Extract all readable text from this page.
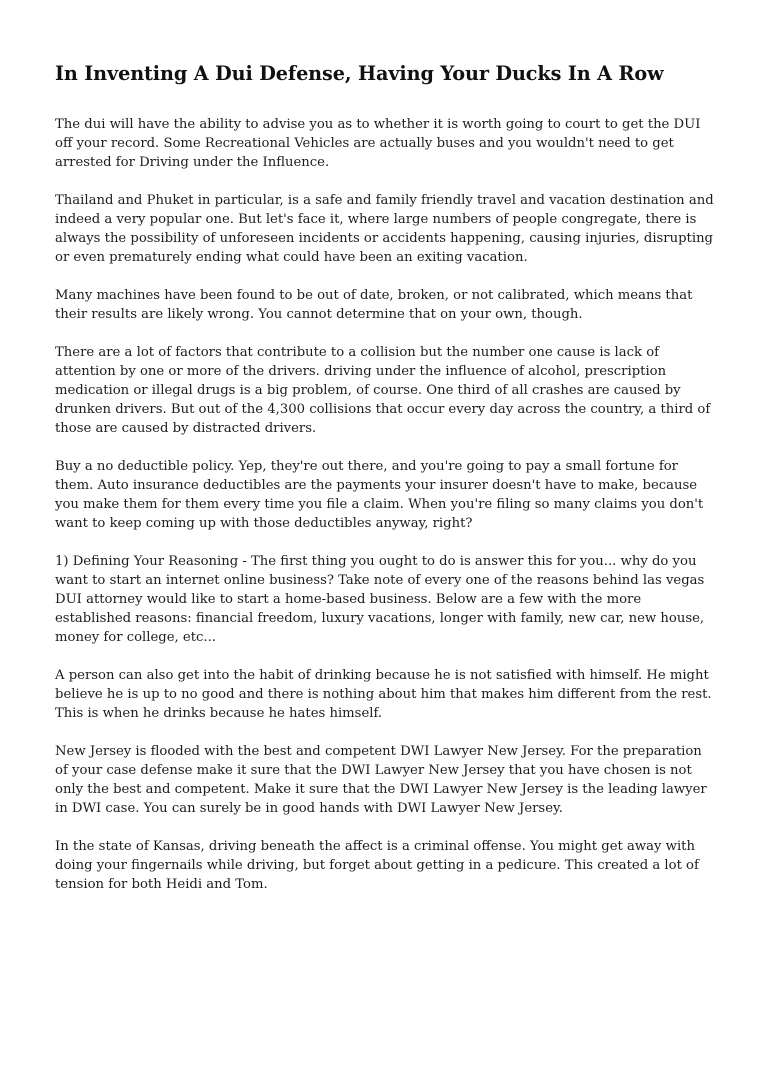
In Inventing A Dui Defense, Having Your Ducks In A Row

The dui will have the ability to advise you as to whether it is worth going to court to get the DUI off your record. Some Recreational Vehicles are actually buses and you wouldn't need to get arrested for Driving under the Influence.

Thailand and Phuket in particular, is a safe and family friendly travel and vacation destination and indeed a very popular one. But let's face it, where large numbers of people congregate, there is always the possibility of unforeseen incidents or accidents happening, causing injuries, disrupting or even prematurely ending what could have been an exiting vacation.

Many machines have been found to be out of date, broken, or not calibrated, which means that their results are likely wrong. You cannot determine that on your own, though.

There are a lot of factors that contribute to a collision but the number one cause is lack of attention by one or more of the drivers. driving under the influence of alcohol, prescription medication or illegal drugs is a big problem, of course. One third of all crashes are caused by drunken drivers. But out of the 4,300 collisions that occur every day across the country, a third of those are caused by distracted drivers.

Buy a no deductible policy. Yep, they're out there, and you're going to pay a small fortune for them. Auto insurance deductibles are the payments your insurer doesn't have to make, because you make them for them every time you file a claim. When you're filing so many claims you don't want to keep coming up with those deductibles anyway, right?

1) Defining Your Reasoning - The first thing you ought to do is answer this for you... why do you want to start an internet online business? Take note of every one of the reasons behind las vegas DUI attorney would like to start a home-based business. Below are a few with the more established reasons: financial freedom, luxury vacations, longer with family, new car, new house, money for college, etc...

A person can also get into the habit of drinking because he is not satisfied with himself. He might believe he is up to no good and there is nothing about him that makes him different from the rest. This is when he drinks because he hates himself.

New Jersey is flooded with the best and competent DWI Lawyer New Jersey. For the preparation of your case defense make it sure that the DWI Lawyer New Jersey that you have chosen is not only the best and competent. Make it sure that the DWI Lawyer New Jersey is the leading lawyer in DWI case. You can surely be in good hands with DWI Lawyer New Jersey.

In the state of Kansas, driving beneath the affect is a criminal offense. You might get away with doing your fingernails while driving, but forget about getting in a pedicure. This created a lot of tension for both Heidi and Tom.
